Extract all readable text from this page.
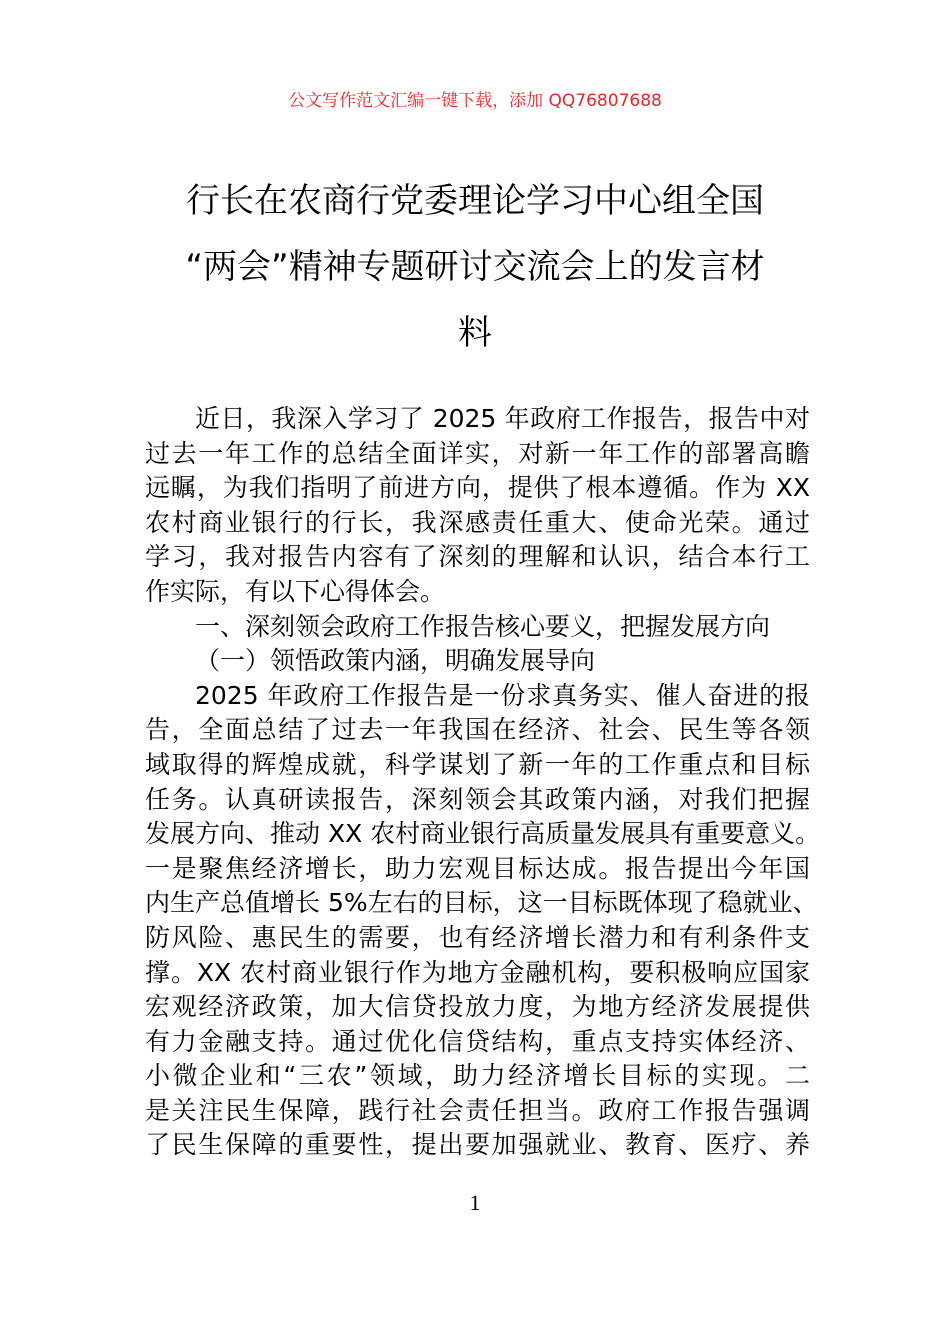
公文写作范文汇编一键下载，添加 QQ76807688
行长在农商行党委理论学习中心组全国
“两会”精神专题研讨交流会上的发言材
料
近日，我深入学习了 2025 年政府工作报告，报告中对
过去一年工作的总结全面详实，对新一年工作的部署高瞻
远瞩，为我们指明了前进方向，提供了根本遵循。作为 XX
农村商业银行的行长，我深感责任重大、使命光荣。通过
学习，我对报告内容有了深刻的理解和认识，结合本行工
作实际，有以下心得体会。
一、深刻领会政府工作报告核心要义，把握发展方向
（一）领悟政策内涵，明确发展导向
2025 年政府工作报告是一份求真务实、催人奋进的报
告，全面总结了过去一年我国在经济、社会、民生等各领
域取得的辉煌成就，科学谋划了新一年的工作重点和目标
任务。认真研读报告，深刻领会其政策内涵，对我们把握
发展方向、推动 XX 农村商业银行高质量发展具有重要意义。
一是聚焦经济增长，助力宏观目标达成。报告提出今年国
内生产总值增长 5%左右的目标，这一目标既体现了稳就业、
防风险、惠民生的需要，也有经济增长潜力和有利条件支
撑。XX 农村商业银行作为地方金融机构，要积极响应国家
宏观经济政策，加大信贷投放力度，为地方经济发展提供
有力金融支持。通过优化信贷结构，重点支持实体经济、
小微企业和“三农”领域，助力经济增长目标的实现。二
是关注民生保障，践行社会责任担当。政府工作报告强调
了民生保障的重要性，提出要加强就业、教育、医疗、养
1
